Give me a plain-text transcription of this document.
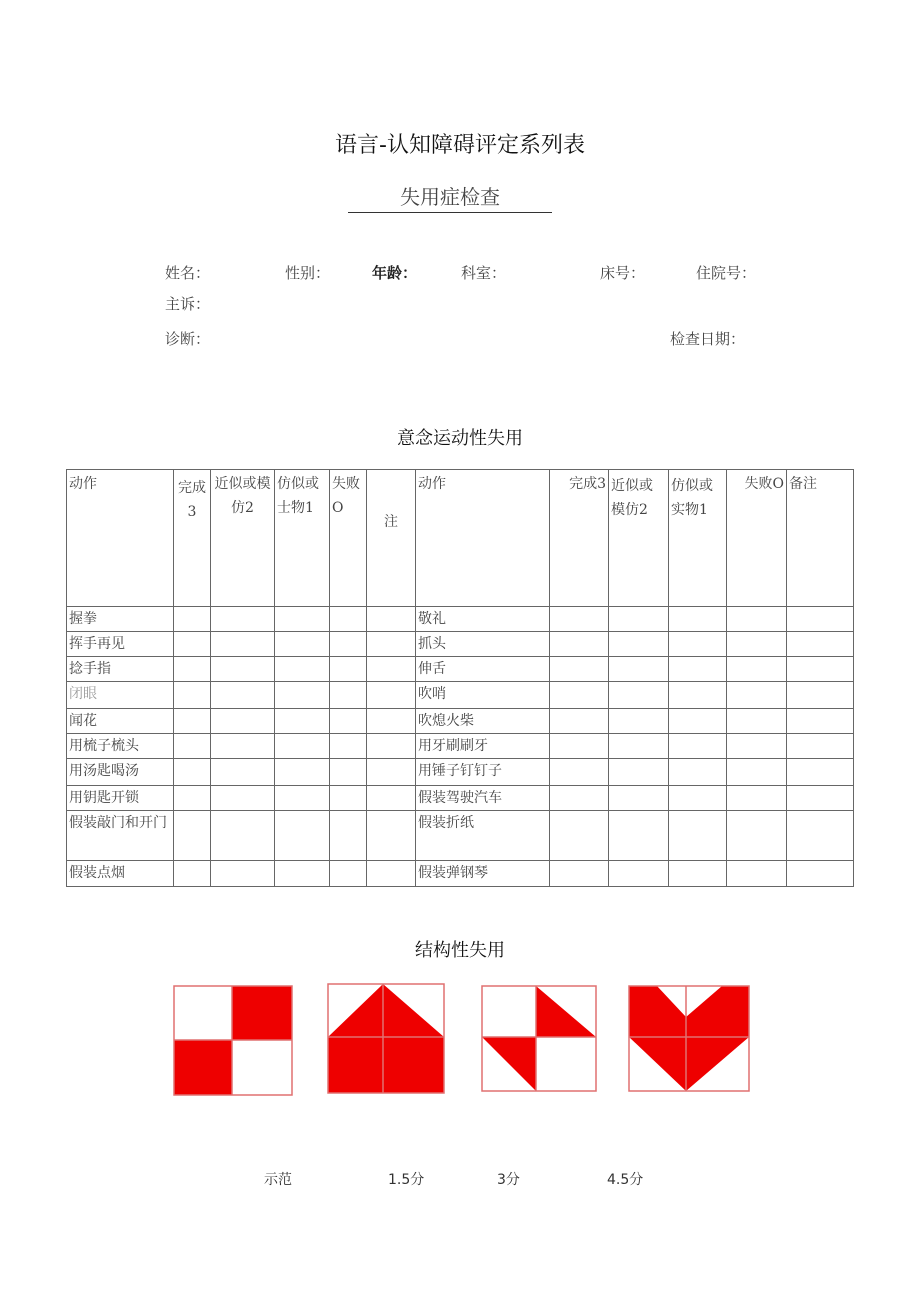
语言-认知障碍评定系列表
失用症检查
姓名：	性别：	年龄：	科室：	床号：	住院号：
主诉：
诊断：	检查日期：
意念运动性失用
动作	完成3	近似或模仿2	仿似或士物1	失败O	注	动作	完成3	近似或模仿2	仿似或实物1	失败O	备注
握拳						敬礼					
挥手再见						抓头					
捻手指						伸舌					
闭眼						吹哨					
闻花						吹熄火柴					
用梳子梳头						用牙刷刷牙					
用汤匙喝汤						用锤子钉钉子					
用钥匙开锁						假装驾驶汽车					
假装敲门和开门						假装折纸					
假装点烟						假装弹钢琴					
结构性失用
示范	1.5分	3分	4.5分
